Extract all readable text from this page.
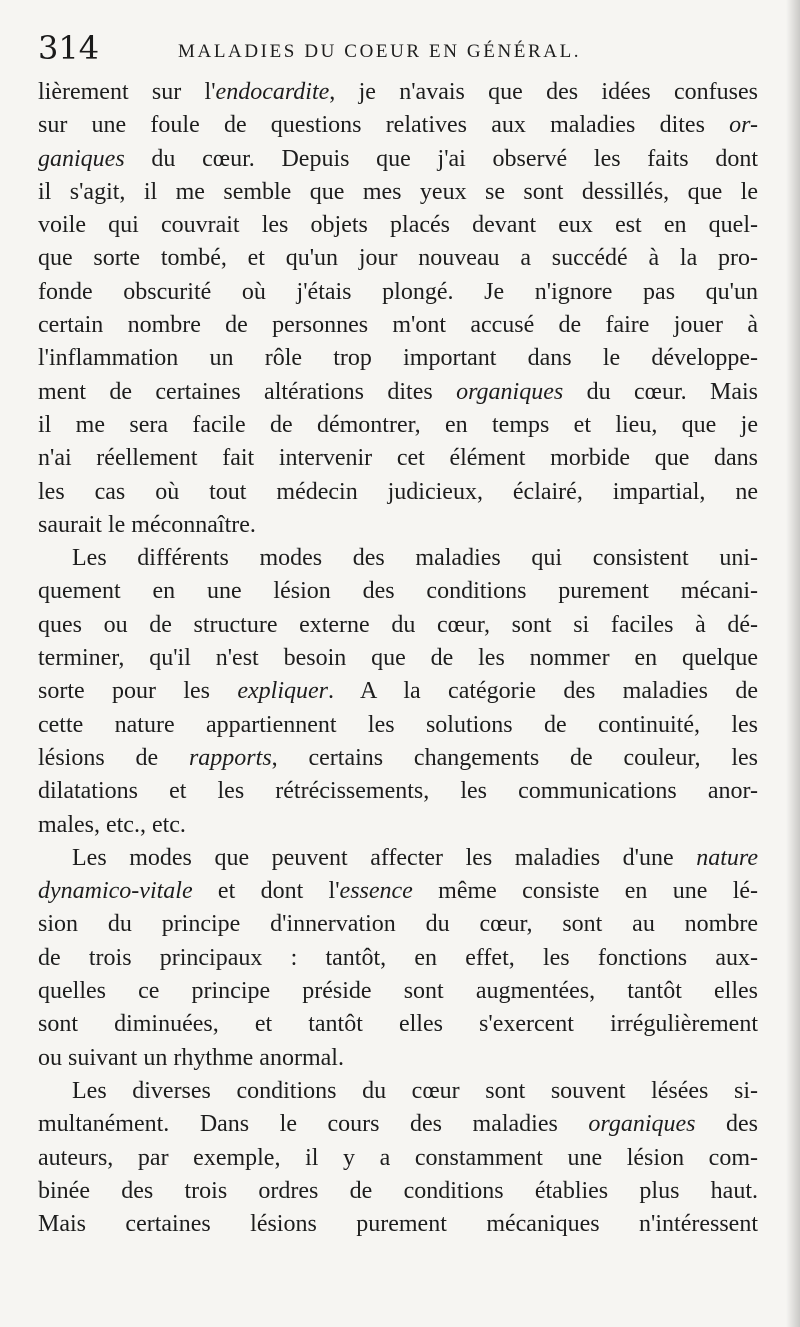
314	MALADIES DU COEUR EN GÉNÉRAL.
lièrement sur l'endocardite, je n'avais que des idées confuses
sur une foule de questions relatives aux maladies dites or-
ganiques du cœur. Depuis que j'ai observé les faits dont
il s'agit, il me semble que mes yeux se sont dessillés, que le
voile qui couvrait les objets placés devant eux est en quel-
que sorte tombé, et qu'un jour nouveau a succédé à la pro-
fonde obscurité où j'étais plongé. Je n'ignore pas qu'un
certain nombre de personnes m'ont accusé de faire jouer à
l'inflammation un rôle trop important dans le développe-
ment de certaines altérations dites organiques du cœur. Mais
il me sera facile de démontrer, en temps et lieu, que je
n'ai réellement fait intervenir cet élément morbide que dans
les cas où tout médecin judicieux, éclairé, impartial, ne
saurait le méconnaître.
Les différents modes des maladies qui consistent uni-
quement en une lésion des conditions purement mécani-
ques ou de structure externe du cœur, sont si faciles à dé-
terminer, qu'il n'est besoin que de les nommer en quelque
sorte pour les expliquer. A la catégorie des maladies de
cette nature appartiennent les solutions de continuité, les
lésions de rapports, certains changements de couleur, les
dilatations et les rétrécissements, les communications anor-
males, etc., etc.
Les modes que peuvent affecter les maladies d'une nature
dynamico-vitale et dont l'essence même consiste en une lé-
sion du principe d'innervation du cœur, sont au nombre
de trois principaux : tantôt, en effet, les fonctions aux-
quelles ce principe préside sont augmentées, tantôt elles
sont diminuées, et tantôt elles s'exercent irrégulièrement
ou suivant un rhythme anormal.
Les diverses conditions du cœur sont souvent lésées si-
multanément. Dans le cours des maladies organiques des
auteurs, par exemple, il y a constamment une lésion com-
binée des trois ordres de conditions établies plus haut.
Mais certaines lésions purement mécaniques n'intéressent
